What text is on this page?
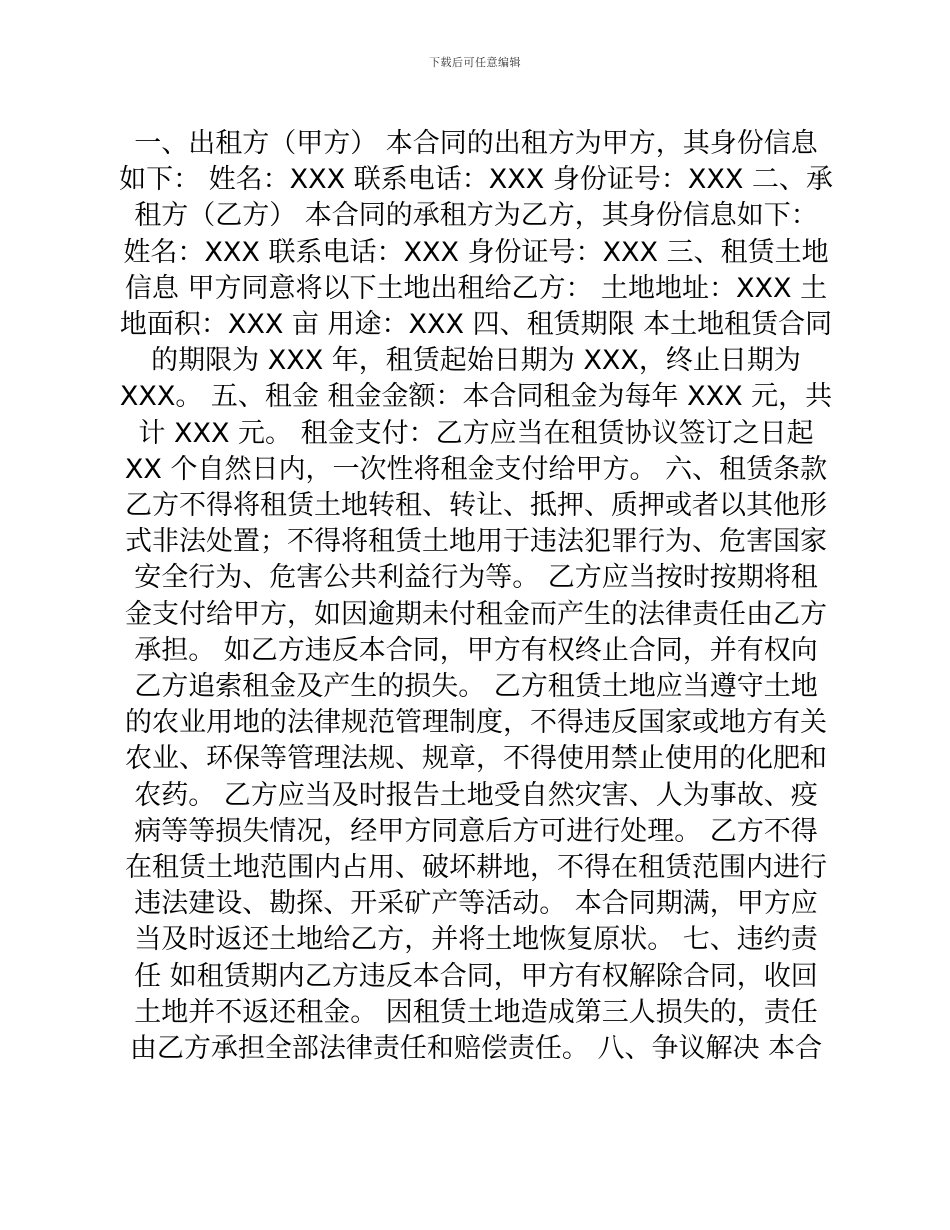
下载后可任意编辑
一、出租方（甲方） 本合同的出租方为甲方，其身份信息
如下： 姓名：XXX 联系电话：XXX 身份证号：XXX 二、承
租方（乙方） 本合同的承租方为乙方，其身份信息如下：
姓名：XXX 联系电话：XXX 身份证号：XXX 三、租赁土地
信息 甲方同意将以下土地出租给乙方： 土地地址：XXX 土
地面积：XXX 亩 用途：XXX 四、租赁期限 本土地租赁合同
的期限为 XXX 年，租赁起始日期为 XXX，终止日期为
XXX。 五、租金 租金金额：本合同租金为每年 XXX 元，共
计 XXX 元。 租金支付：乙方应当在租赁协议签订之日起
XX 个自然日内，一次性将租金支付给甲方。 六、租赁条款
乙方不得将租赁土地转租、转让、抵押、质押或者以其他形
式非法处置；不得将租赁土地用于违法犯罪行为、危害国家
安全行为、危害公共利益行为等。 乙方应当按时按期将租
金支付给甲方，如因逾期未付租金而产生的法律责任由乙方
承担。 如乙方违反本合同，甲方有权终止合同，并有权向
乙方追索租金及产生的损失。 乙方租赁土地应当遵守土地
的农业用地的法律规范管理制度，不得违反国家或地方有关
农业、环保等管理法规、规章，不得使用禁止使用的化肥和
农药。 乙方应当及时报告土地受自然灾害、人为事故、疫
病等等损失情况，经甲方同意后方可进行处理。 乙方不得
在租赁土地范围内占用、破坏耕地，不得在租赁范围内进行
违法建设、勘探、开采矿产等活动。 本合同期满，甲方应
当及时返还土地给乙方，并将土地恢复原状。 七、违约责
任 如租赁期内乙方违反本合同，甲方有权解除合同，收回
土地并不返还租金。 因租赁土地造成第三人损失的，责任
由乙方承担全部法律责任和赔偿责任。 八、争议解决 本合
